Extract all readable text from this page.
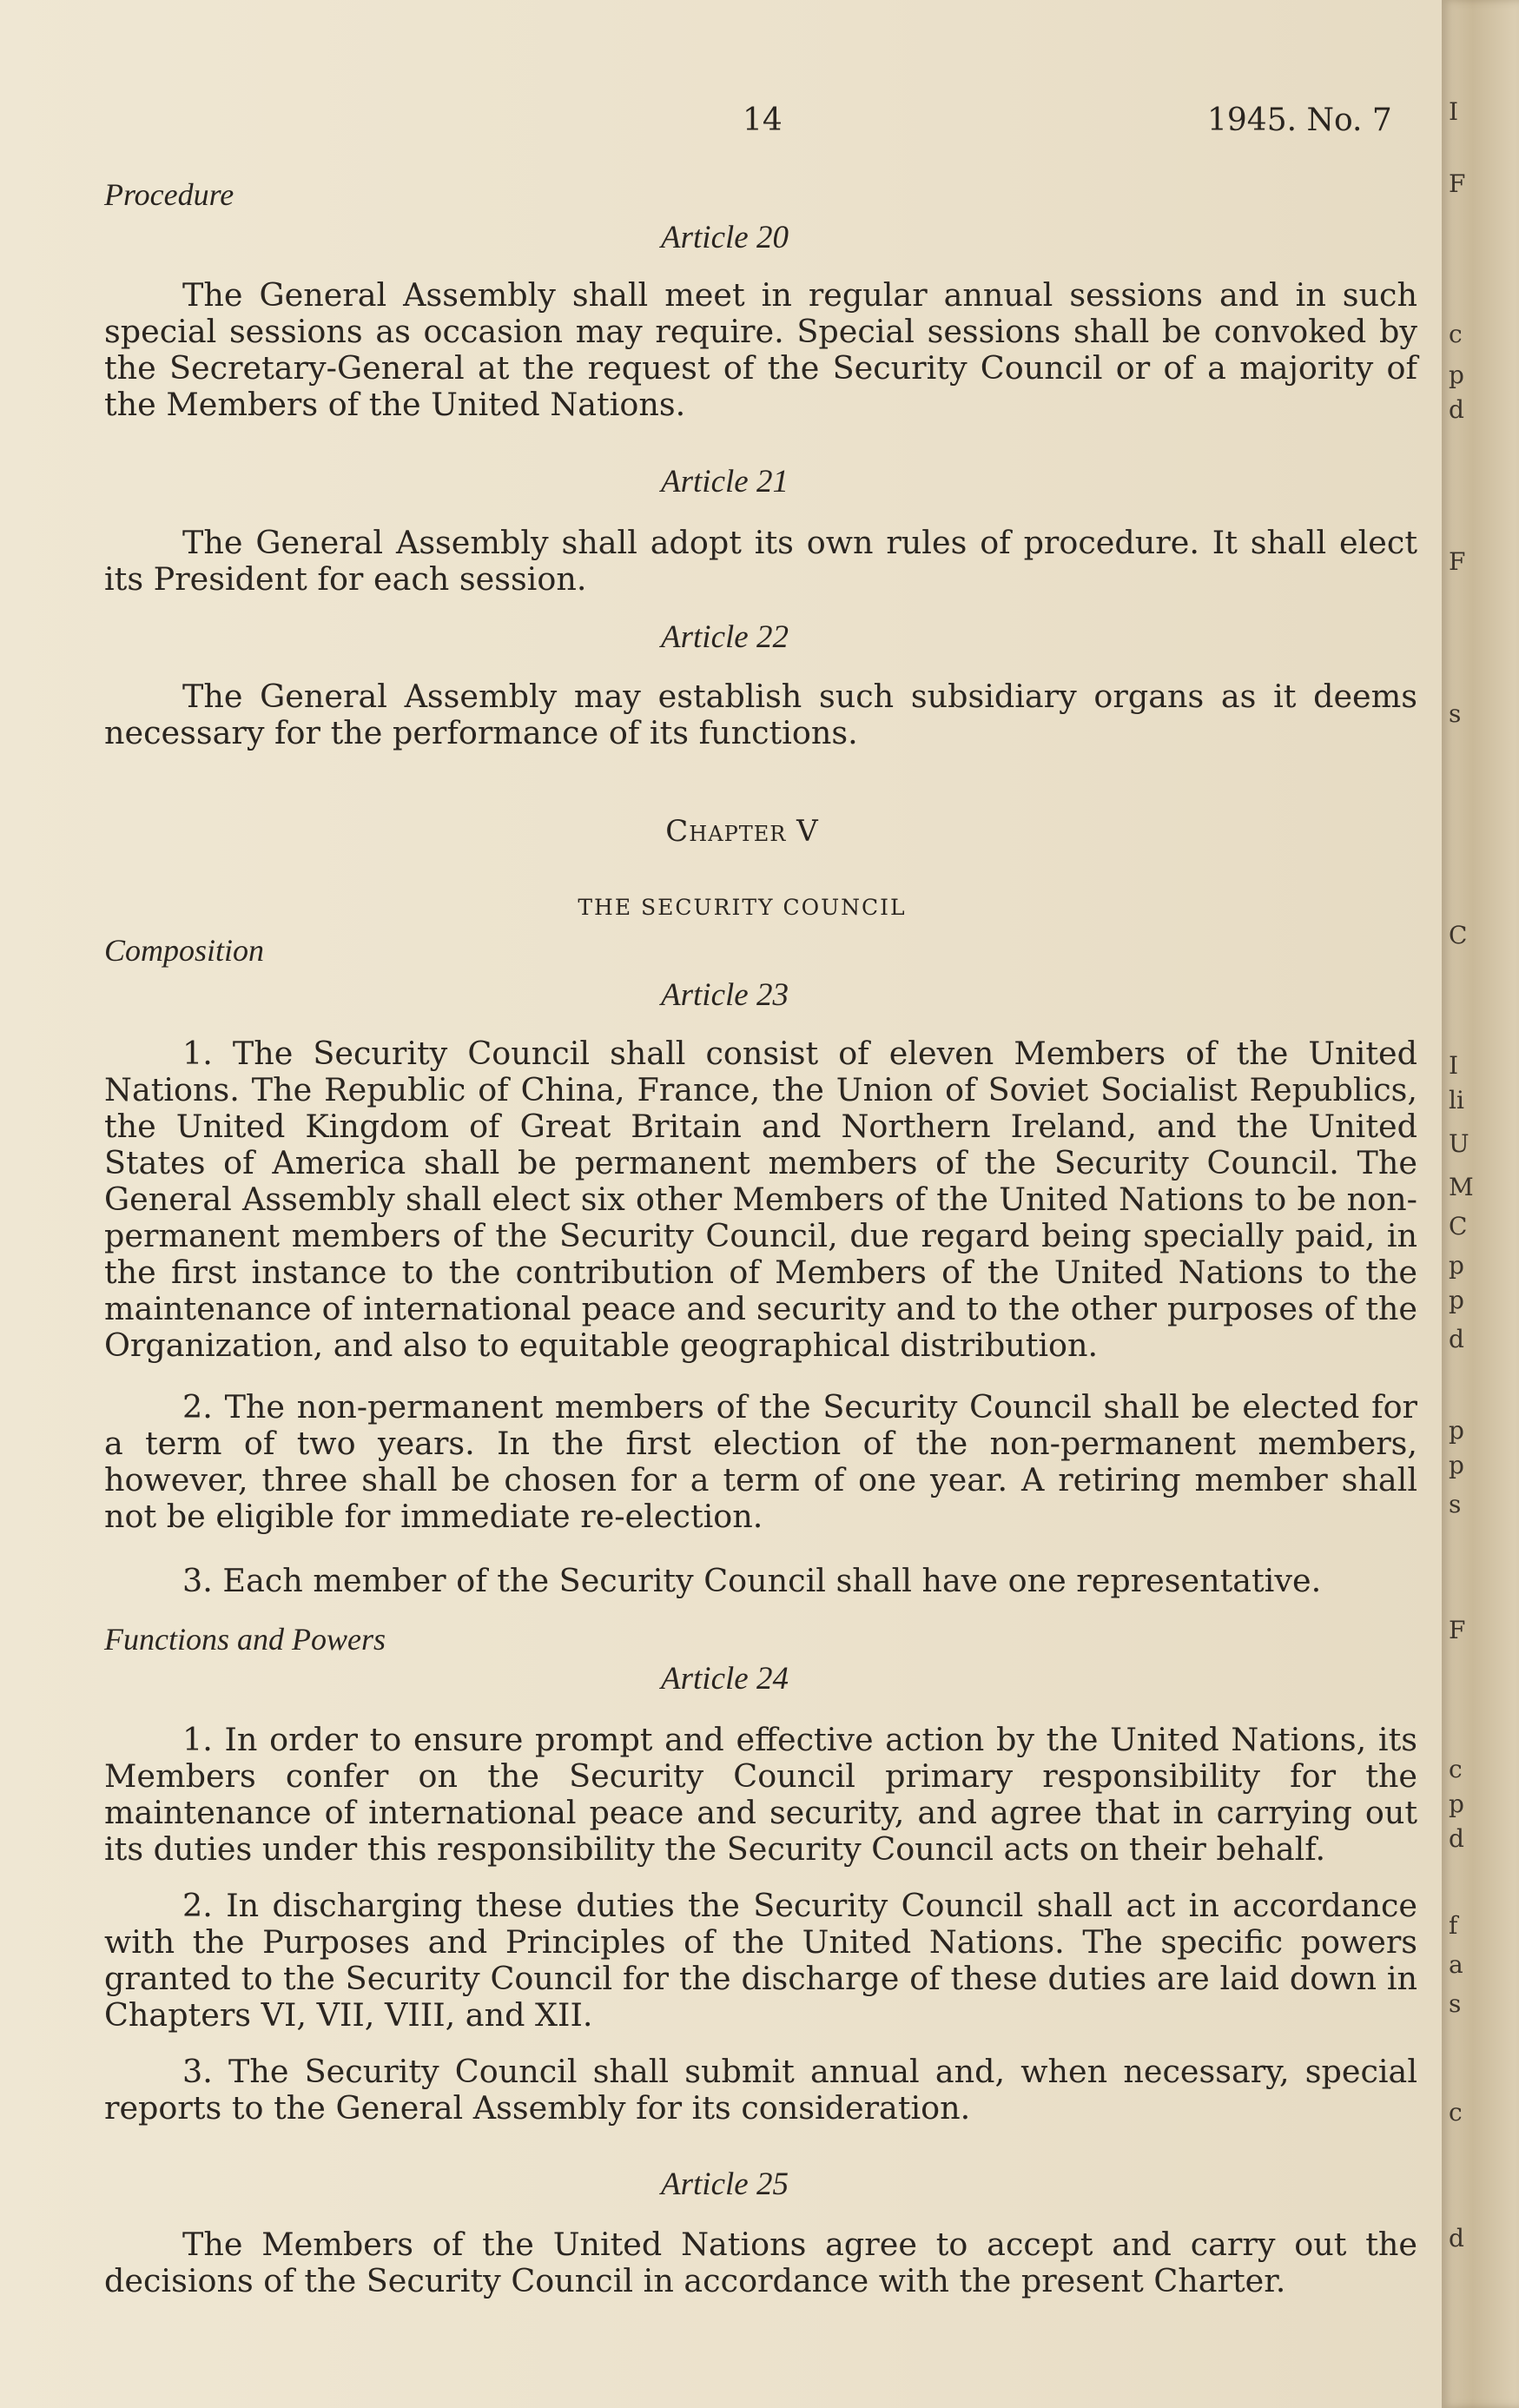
14	1945. No. 7
Procedure
Article 20
The General Assembly shall meet in regular annual sessions and in such special sessions as occasion may require. Special sessions shall be convoked by the Secretary-General at the request of the Security Council or of a majority of the Members of the United Nations.
Article 21
The General Assembly shall adopt its own rules of procedure. It shall elect its President for each session.
Article 22
The General Assembly may establish such subsidiary organs as it deems necessary for the performance of its functions.
Chapter V
THE SECURITY COUNCIL
Composition
Article 23
1. The Security Council shall consist of eleven Members of the United Nations. The Republic of China, France, the Union of Soviet Socialist Republics, the United Kingdom of Great Britain and Northern Ireland, and the United States of America shall be permanent members of the Security Council. The General Assembly shall elect six other Members of the United Nations to be non-permanent members of the Security Council, due regard being specially paid, in the first instance to the contribution of Members of the United Nations to the maintenance of international peace and security and to the other purposes of the Organization, and also to equitable geographical distribution.
2. The non-permanent members of the Security Council shall be elected for a term of two years. In the first election of the non-permanent members, however, three shall be chosen for a term of one year. A retiring member shall not be eligible for immediate re-election.
3. Each member of the Security Council shall have one representative.
Functions and Powers
Article 24
1. In order to ensure prompt and effective action by the United Nations, its Members confer on the Security Council primary responsibility for the maintenance of international peace and security, and agree that in carrying out its duties under this responsibility the Security Council acts on their behalf.
2. In discharging these duties the Security Council shall act in accordance with the Purposes and Principles of the United Nations. The specific powers granted to the Security Council for the discharge of these duties are laid down in Chapters VI, VII, VIII, and XII.
3. The Security Council shall submit annual and, when necessary, special reports to the General Assembly for its consideration.
Article 25
The Members of the United Nations agree to accept and carry out the decisions of the Security Council in accordance with the present Charter.
I
F
c
p
d
F
s
C
I
li
U
M
C
p
p
d
p
p
s
F
c
p
d
f
a
s
c
d
